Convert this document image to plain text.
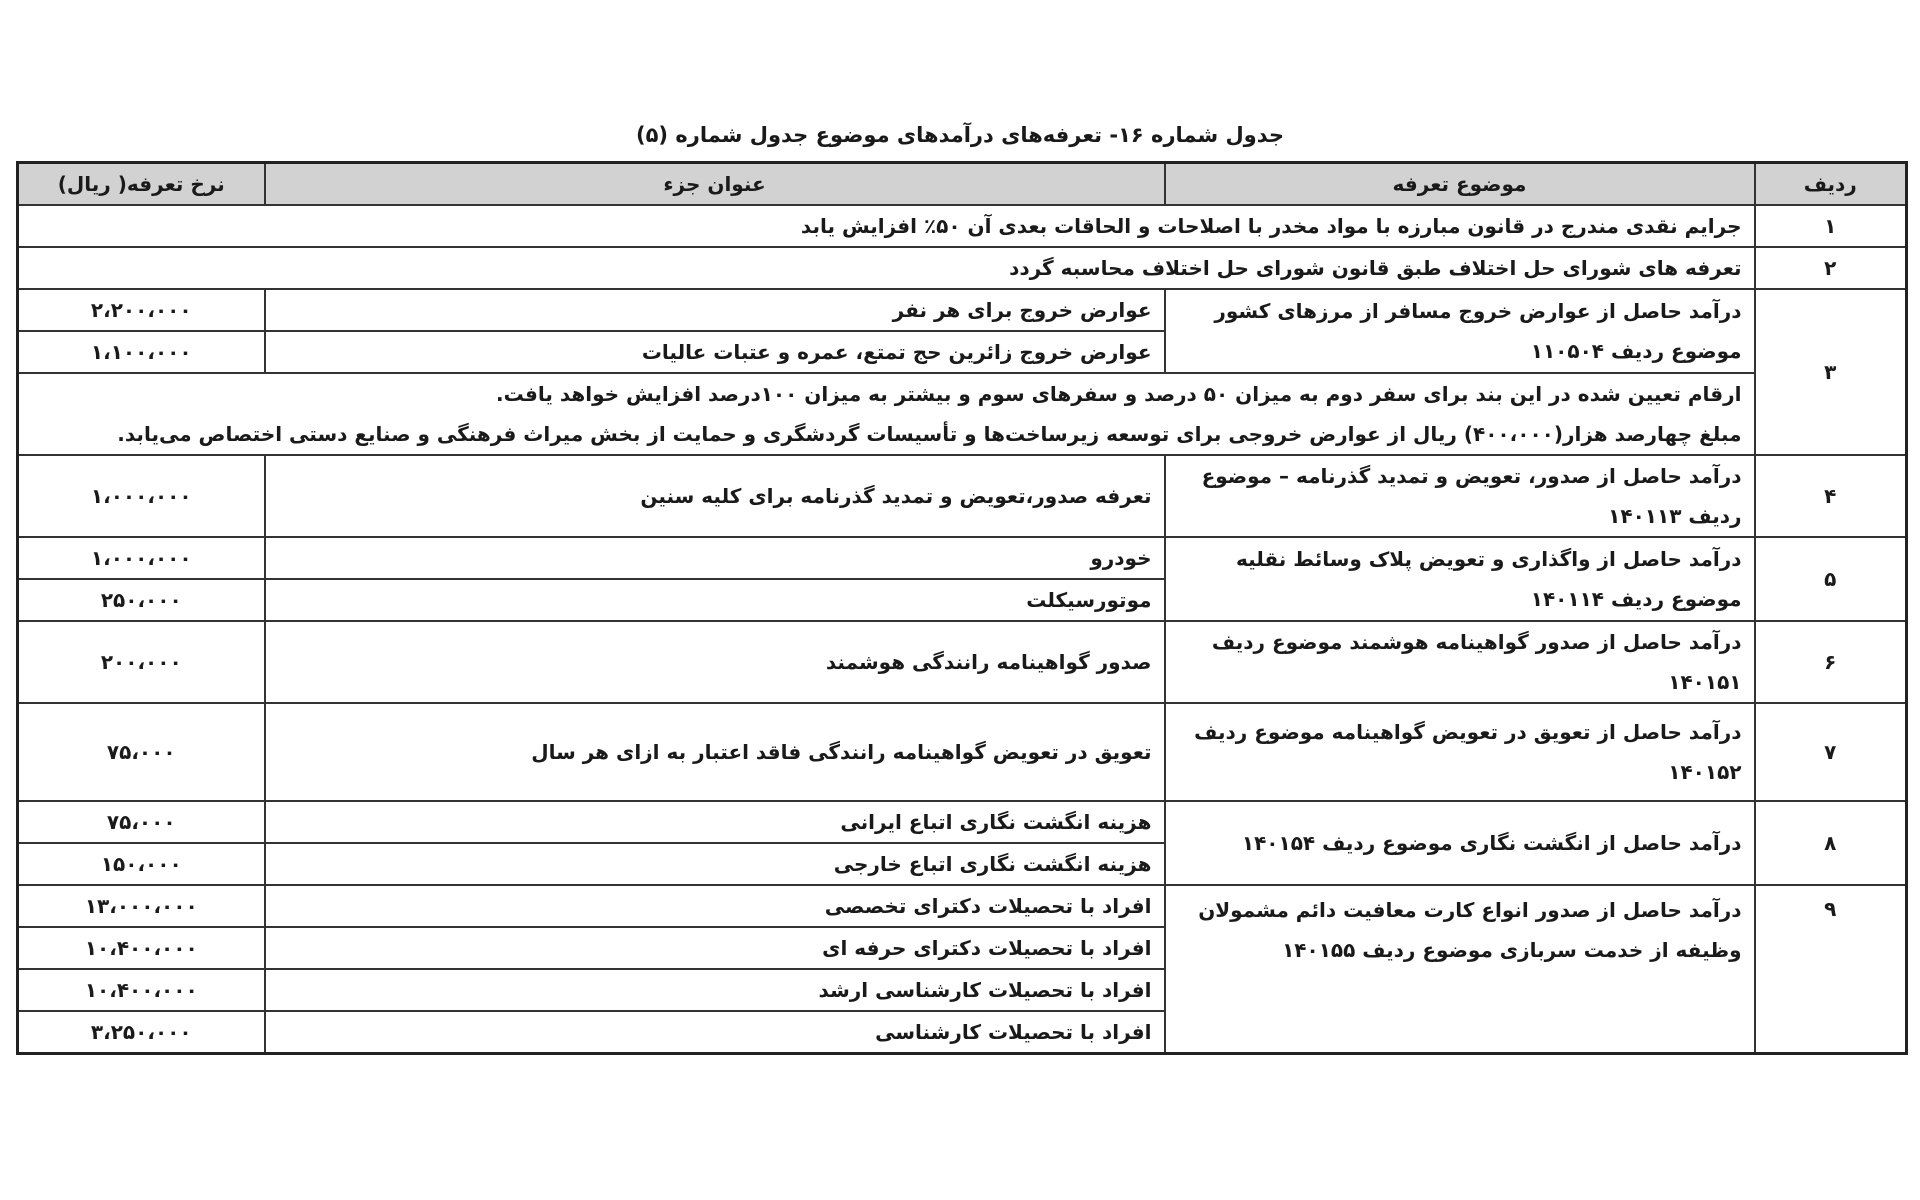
جدول شماره ۱۶- تعرفه‌های درآمدهای موضوع جدول شماره (۵)
ردیف	موضوع تعرفه	عنوان جزء	نرخ تعرفه( ریال)
۱	جرایم نقدی مندرج در قانون مبارزه با مواد مخدر با اصلاحات و الحاقات بعدی آن ۵۰٪ افزایش یابد		
۲	تعرفه های شورای حل اختلاف طبق قانون شورای حل اختلاف محاسبه گردد		
۳	درآمد حاصل از عوارض خروج مسافر از مرزهای کشور موضوع ردیف ۱۱۰۵۰۴	عوارض خروج برای هر نفر	۲،۲۰۰،۰۰۰
		عوارض خروج زائرین حج تمتع، عمره و عتبات عالیات	۱،۱۰۰،۰۰۰

	ارقام تعیین شده در این بند برای سفر دوم به میزان ۵۰ درصد و سفرهای سوم و بیشتر به میزان ۱۰۰درصد افزایش خواهد یافت.
مبلغ چهارصد هزار(۴۰۰،۰۰۰) ریال از عوارض خروجی برای توسعه زیرساخت‌ها و تأسیسات گردشگری و حمایت از بخش میراث فرهنگی و صنایع دستی اختصاص می‌یابد.		

۴	درآمد حاصل از صدور، تعویض و تمدید گذرنامه – موضوع ردیف ۱۴۰۱۱۳	تعرفه صدور،تعویض و تمدید گذرنامه برای کلیه سنین	۱،۰۰۰،۰۰۰
۵	درآمد حاصل از واگذاری و تعویض پلاک وسائط نقلیه موضوع ردیف ۱۴۰۱۱۴	خودرو	۱،۰۰۰،۰۰۰
		موتورسیکلت	۲۵۰،۰۰۰
۶	درآمد حاصل از صدور گواهینامه هوشمند موضوع ردیف ۱۴۰۱۵۱	صدور گواهینامه رانندگی هوشمند	۲۰۰،۰۰۰
۷	درآمد حاصل از تعویق در تعویض گواهینامه موضوع ردیف ۱۴۰۱۵۲	تعویق در تعویض گواهینامه رانندگی فاقد اعتبار به ازای هر سال	۷۵،۰۰۰
۸	درآمد حاصل از انگشت نگاری موضوع ردیف ۱۴۰۱۵۴	هزینه انگشت نگاری اتباع ایرانی	۷۵،۰۰۰
		هزینه انگشت نگاری اتباع خارجی	۱۵۰،۰۰۰
۹	درآمد حاصل از صدور انواع کارت معافیت دائم مشمولان وظیفه از خدمت سربازی موضوع ردیف ۱۴۰۱۵۵	افراد با تحصیلات دکترای تخصصی	۱۳،۰۰۰،۰۰۰
		افراد با تحصیلات دکترای حرفه ای	۱۰،۴۰۰،۰۰۰
		افراد با تحصیلات کارشناسی ارشد	۱۰،۴۰۰،۰۰۰
		افراد با تحصیلات کارشناسی	۳،۲۵۰،۰۰۰
